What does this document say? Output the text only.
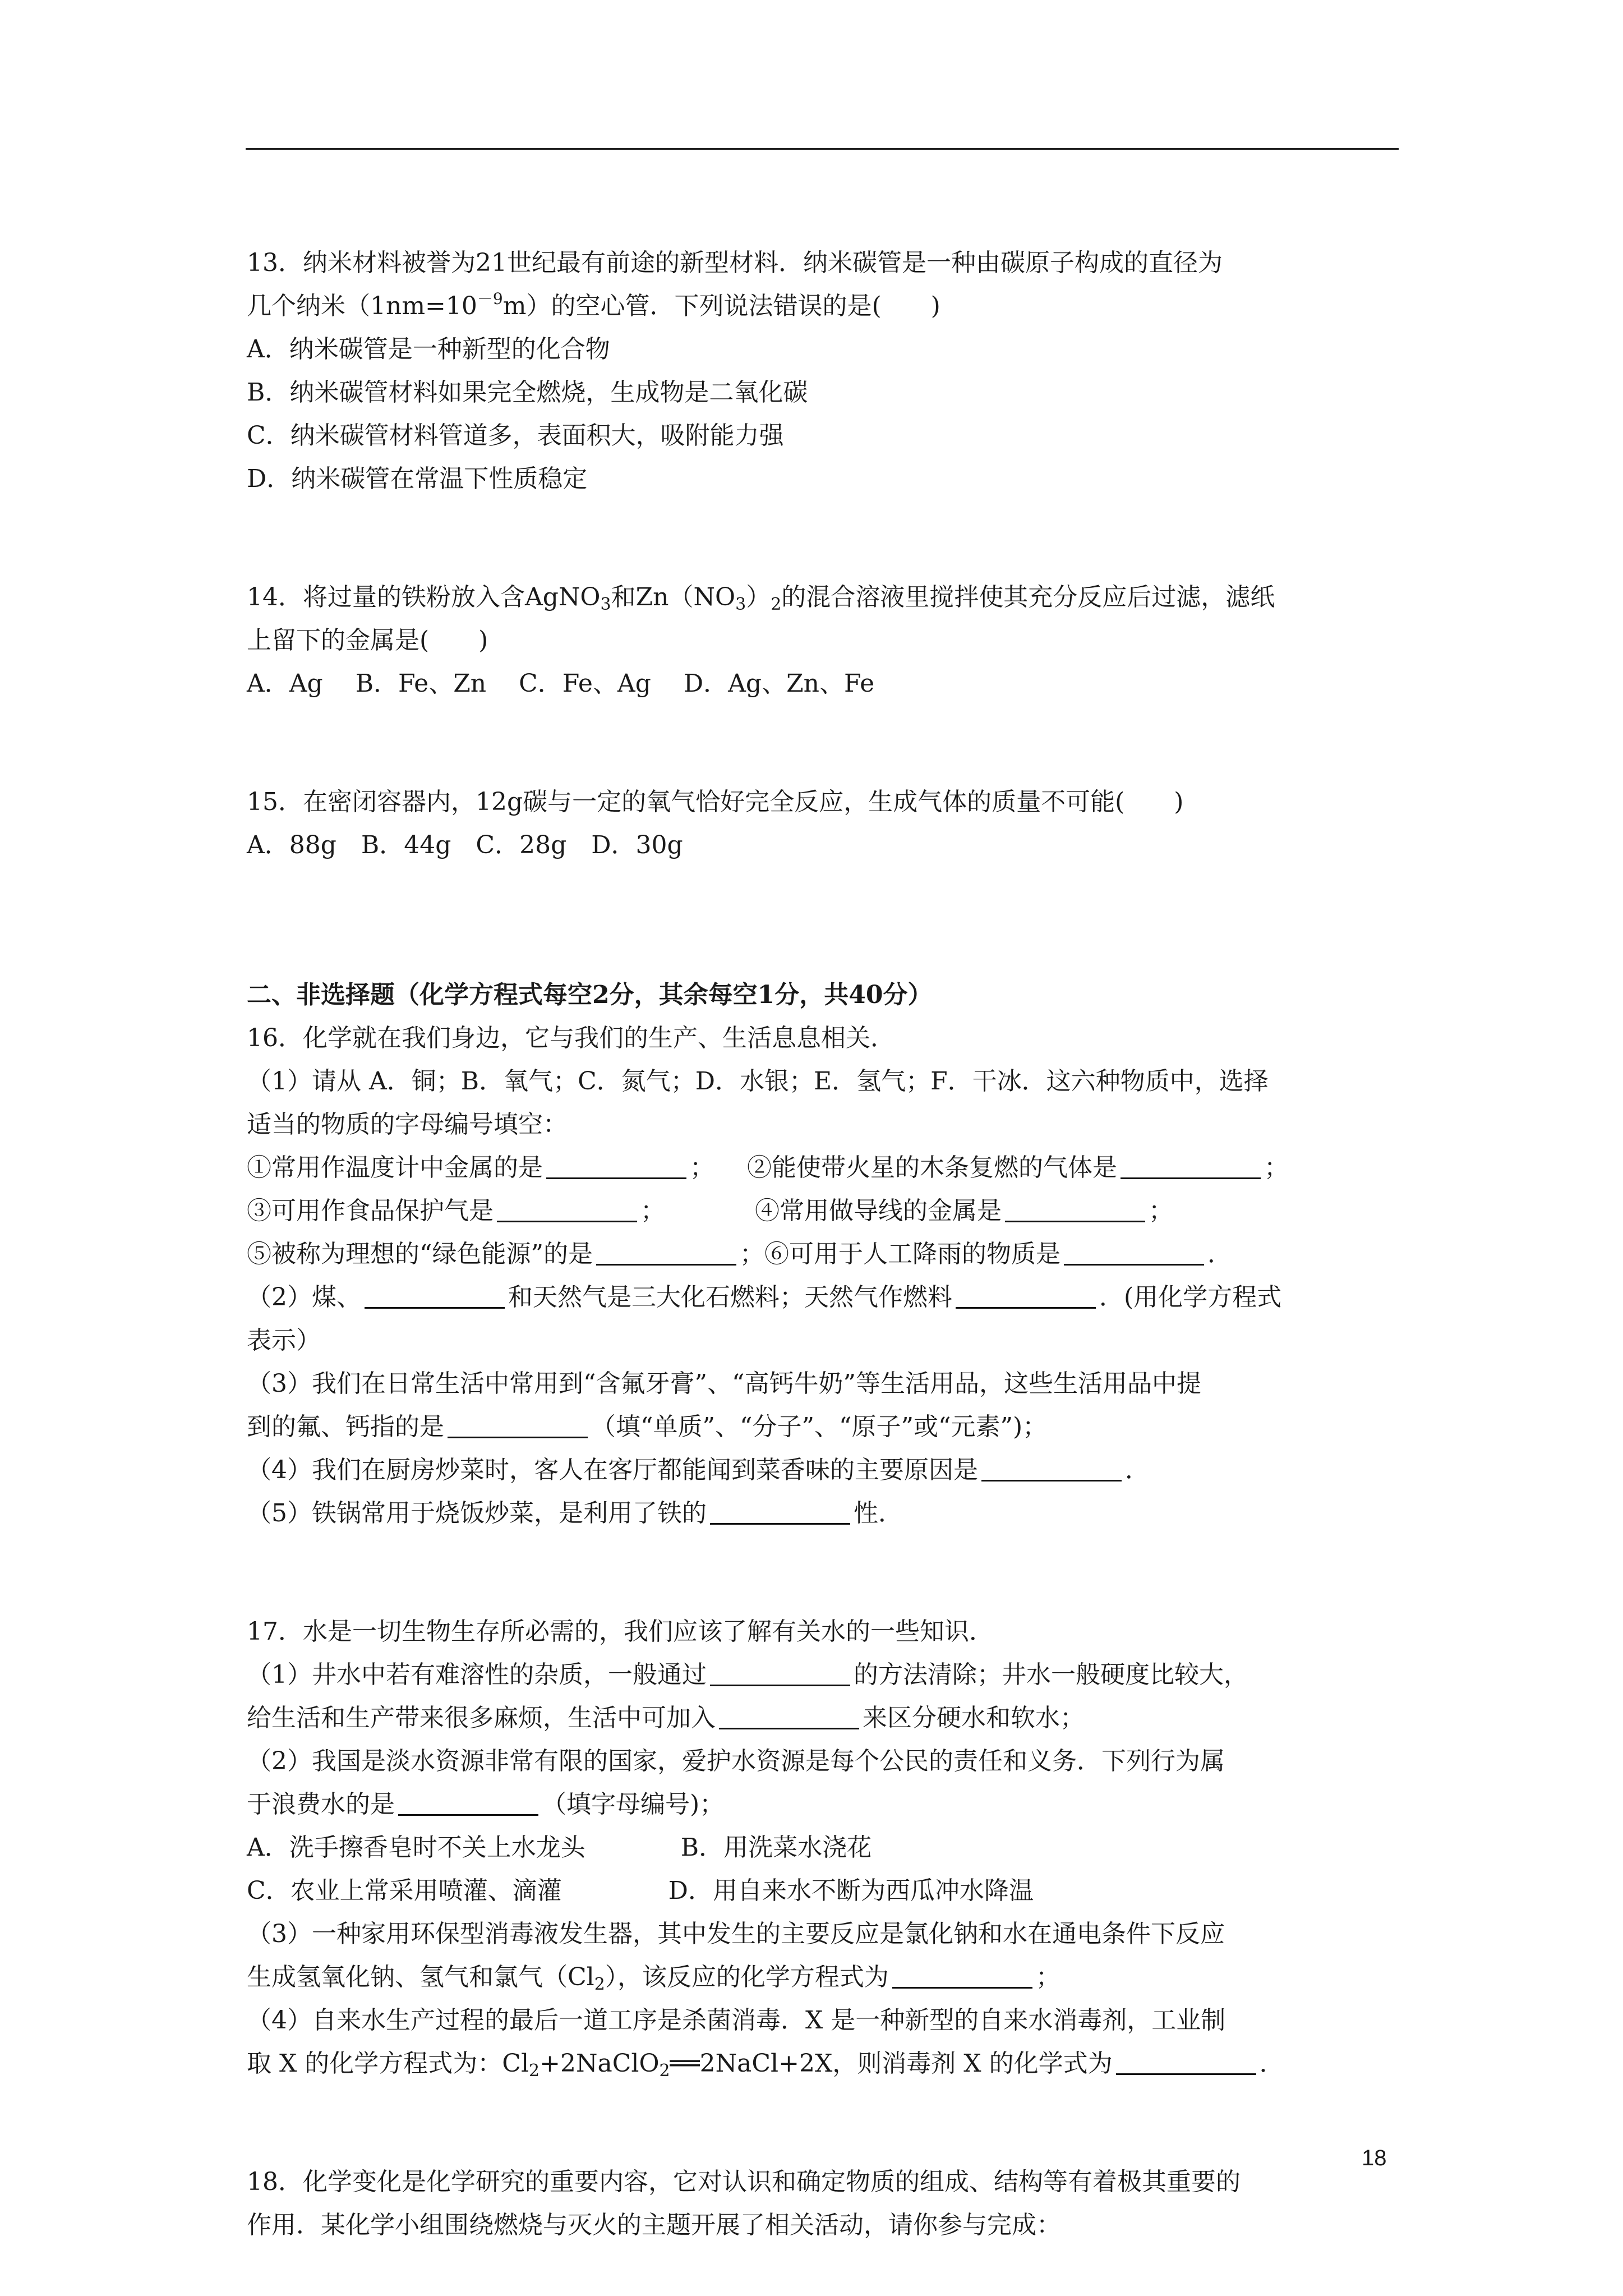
13．纳米材料被誉为21世纪最有前途的新型材料．纳米碳管是一种由碳原子构成的直径为
几个纳米$(1nm=10^{-9}m)$的空心管．下列说法错误的是(　　)
A．纳米碳管是一种新型的化合物
B．纳米碳管材料如果完全燃烧，生成物是二氧化碳
C．纳米碳管材料管道多，表面积大，吸附能力强
D．纳米碳管在常温下性质稳定
14．将过量的铁粉放入含AgNO$_3$和$Zn(NO_3)_2$的混合溶液里搅拌使其充分反应后过滤，滤纸
上留下的金属是(　　)
A．Ag　 B．Fe、Zn　 C．Fe、Ag　 D．Ag、Zn、Fe
15．在密闭容器内，12g碳与一定的氧气恰好完全反应，生成气体的质量不可能(　　)
A．88g　B．44g　C．28g　D．30g
二、非选择题（化学方程式每空2分，其余每空1分，共40分）
16．化学就在我们身边，它与我们的生产、生活息息相关．
（1）请从 A．铜；B．氧气；C．氮气；D．水银；E．氢气；F．干冰．这六种物质中，选择
适当的物质的字母编号填空：
①常用作温度计中金属的是	； ②能使带火星的木条复燃的气体是	；
③可用作食品保护气是	；	④常用做导线的金属是	；
⑤被称为理想的“绿色能源”的是	；⑥可用于人工降雨的物质是	．
（2）煤、	和天然气是三大化石燃料；天然气作燃料	．(用化学方程式
表示）
（3）我们在日常生活中常用到“含氟牙膏”、“高钙牛奶”等生活用品，这些生活用品中提
到的氟、钙指的是	（填“单质”、“分子”、“原子”或“元素”)；
（4）我们在厨房炒菜时，客人在客厅都能闻到菜香味的主要原因是	．
（5）铁锅常用于烧饭炒菜，是利用了铁的	性．
17．水是一切生物生存所必需的，我们应该了解有关水的一些知识．
（1）井水中若有难溶性的杂质，一般通过	的方法清除；井水一般硬度比较大，
给生活和生产带来很多麻烦，生活中可加入	来区分硬水和软水；
（2）我国是淡水资源非常有限的国家，爱护水资源是每个公民的责任和义务．下列行为属
于浪费水的是	（填字母编号)；
A．洗手擦香皂时不关上水龙头	B．用洗菜水浇花
C．农业上常采用喷灌、滴灌	D．用自来水不断为西瓜冲水降温
（3）一种家用环保型消毒液发生器，其中发生的主要反应是氯化钠和水在通电条件下反应
生成氢氧化钠、氢气和氯气$(Cl_2)$，该反应的化学方程式为	；
（4）自来水生产过程的最后一道工序是杀菌消毒．X 是一种新型的自来水消毒剂，工业制
取 X 的化学方程式为：$Cl_2+2NaClO_2══2NaCl+2X$，则消毒剂 X 的化学式为	．
18．化学变化是化学研究的重要内容，它对认识和确定物质的组成、结构等有着极其重要的
作用．某化学小组围绕燃烧与灭火的主题开展了相关活动，请你参与完成：
18
